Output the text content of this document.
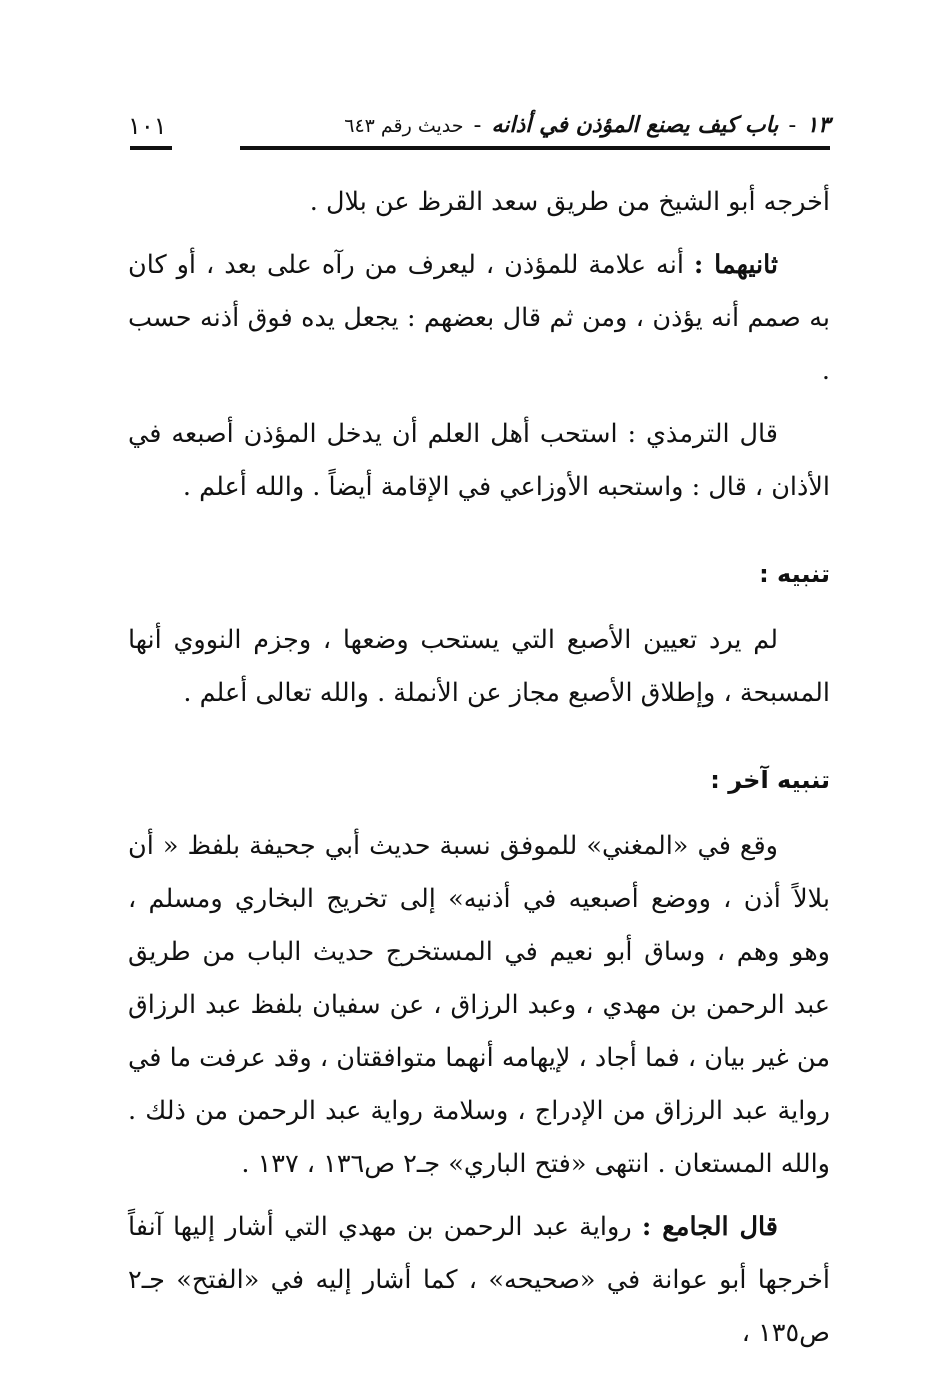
١٣-باب كيف يصنع المؤذن في أذانه-حديث رقم ٦٤٣
١٠١

أخرجه أبو الشيخ من طريق سعد القرظ عن بلال .

ثانيهما : أنه علامة للمؤذن ، ليعرف من رآه على بعد ، أو كان به صمم أنه يؤذن ، ومن ثم قال بعضهم : يجعل يده فوق أذنه حسب .

قال الترمذي : استحب أهل العلم أن يدخل المؤذن أصبعه في الأذان ، قال : واستحبه الأوزاعي في الإقامة أيضاً . والله أعلم .

تنبيه :

لم يرد تعيين الأصبع التي يستحب وضعها ، وجزم النووي أنها المسبحة ، وإطلاق الأصبع مجاز عن الأنملة . والله تعالى أعلم .

تنبيه آخر :

وقع في «المغني» للموفق نسبة حديث أبي جحيفة بلفظ « أن بلالاً أذن ، ووضع أصبعيه في أذنيه» إلى تخريج البخاري ومسلم ، وهو وهم ، وساق أبو نعيم في المستخرج حديث الباب من طريق عبد الرحمن بن مهدي ، وعبد الرزاق ، عن سفيان بلفظ عبد الرزاق من غير بيان ، فما أجاد ، لإيهامه أنهما متوافقتان ، وقد عرفت ما في رواية عبد الرزاق من الإدراج ، وسلامة رواية عبد الرحمن من ذلك . والله المستعان . انتهى «فتح الباري» جـ٢ ص١٣٦ ، ١٣٧ .

قال الجامع : رواية عبد الرحمن بن مهدي التي أشار إليها آنفاً أخرجها أبو عوانة في «صحيحه» ، كما أشار إليه في «الفتح» جـ٢ ص١٣٥ ،
